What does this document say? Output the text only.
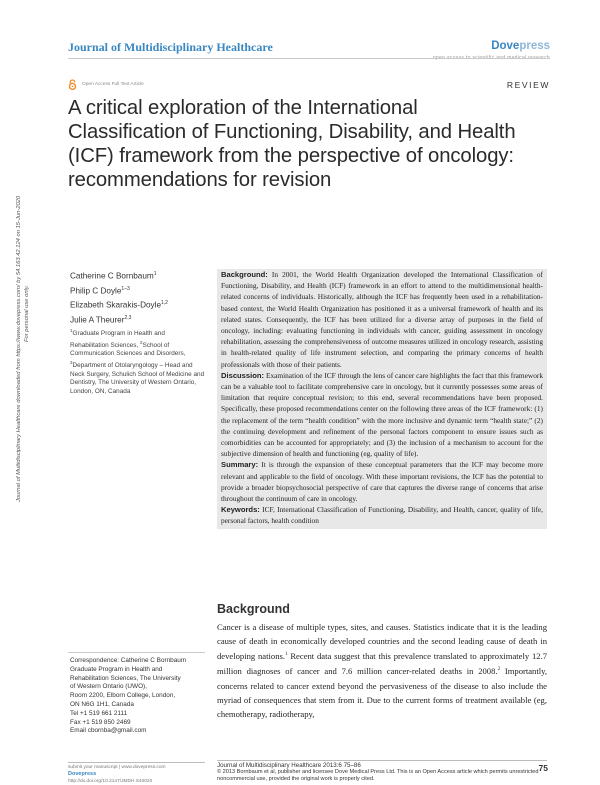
Journal of Multidisciplinary Healthcare	Dovepress
open access to scientific and medical research
Open Access Full Text Article	REVIEW
A critical exploration of the International Classification of Functioning, Disability, and Health (ICF) framework from the perspective of oncology: recommendations for revision
Journal of Multidisciplinary Healthcare downloaded from https://www.dovepress.com/ by 54.163.42.124 on 15-Jun-2020 For personal use only.
Catherine C Bornbaum$^1$
Philip C Doyle$^{1-3}$
Elizabeth Skarakis-Doyle$^{1,2}$
Julie A Theurer$^{2,3}$
$^1$Graduate Program in Health and Rehabilitation Sciences, $^2$School of Communication Sciences and Disorders, $^3$Department of Otolaryngology – Head and Neck Surgery, Schulich School of Medicine and Dentistry, The University of Western Ontario, London, ON, Canada

Background: In 2001, the World Health Organization developed the International Classification of Functioning, Disability, and Health (ICF) framework in an effort to attend to the multidimensional health-related concerns of individuals. Historically, although the ICF has frequently been used in a rehabilitation-based context, the World Health Organization has positioned it as a universal framework of health and its related states. Consequently, the ICF has been utilized for a diverse array of purposes in the field of oncology, including: evaluating functioning in individuals with cancer, guiding assessment in oncology rehabilitation, assessing the comprehensiveness of outcome measures utilized in oncology research, assisting in health-related quality of life instrument selection, and comparing the primary concerns of health professionals with those of their patients.

Discussion: Examination of the ICF through the lens of cancer care highlights the fact that this framework can be a valuable tool to facilitate comprehensive care in oncology, but it currently possesses some areas of limitation that require conceptual revision; to this end, several recommendations have been proposed. Specifically, these proposed recommendations center on the following three areas of the ICF framework: (1) the replacement of the term “health condition” with the more inclusive and dynamic term “health state;” (2) the continuing development and refinement of the personal factors component to ensure issues such as comorbidities can be accounted for appropriately; and (3) the inclusion of a mechanism to account for the subjective dimension of health and functioning (eg, quality of life).

Summary: It is through the expansion of these conceptual parameters that the ICF may become more relevant and applicable to the field of oncology. With these important revisions, the ICF has the potential to provide a broader biopsychosocial perspective of care that captures the diverse range of concerns that arise throughout the continuum of care in oncology.

Keywords: ICF, International Classification of Functioning, Disability, and Health, cancer, quality of life, personal factors, health condition

Background
Cancer is a disease of multiple types, sites, and causes. Statistics indicate that it is the leading cause of death in economically developed countries and the second leading cause of death in developing nations.$^1$ Recent data suggest that this prevalence translated to approximately 12.7 million diagnoses of cancer and 7.6 million cancer-related deaths in 2008.$^2$ Importantly, concerns related to cancer extend beyond the pervasiveness of the disease to also include the myriad of consequences that stem from it. Due to the current forms of treatment available (eg, chemotherapy, radiotherapy,
Correspondence: Catherine C Bornbaum
Graduate Program in Health and
Rehabilitation Sciences, The University
of Western Ontario (UWO),
Room 2200, Elborn College, London,
ON N6G 1H1, Canada
Tel +1 519 661 2111
Fax +1 519 850 2469
Email cbornba@gmail.com
submit your manuscript | www.dovepress.com
Dovepress
http://dx.doi.org/10.2147/JMDH.S40020
Journal of Multidisciplinary Healthcare 2013:6 75–86	75
© 2013 Bornbaum et al, publisher and licensee Dove Medical Press Ltd. This is an Open Access article which permits unrestricted noncommercial use, provided the original work is properly cited.
